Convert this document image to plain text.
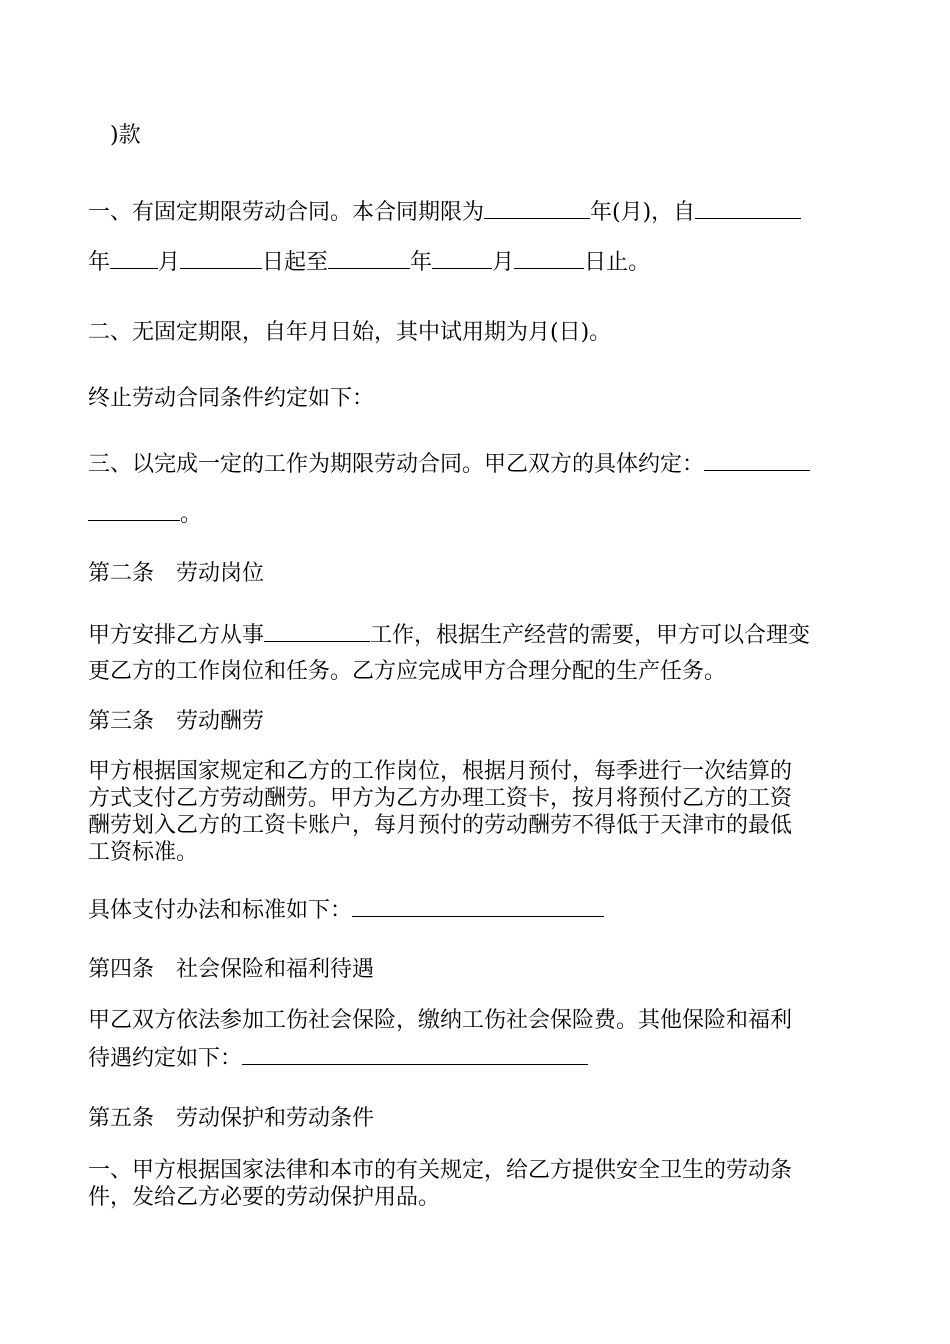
)款
一、有固定期限劳动合同。本合同期限为	年(月)，自
年 月	日起至	年	月	日止。
二、无固定期限，自年月日始，其中试用期为月(日)。
终止劳动合同条件约定如下：
三、以完成一定的工作为期限劳动合同。甲乙双方的具体约定：
。
第二条　劳动岗位
甲方安排乙方从事	工作，根据生产经营的需要，甲方可以合理变
更乙方的工作岗位和任务。乙方应完成甲方合理分配的生产任务。
第三条　劳动酬劳
甲方根据国家规定和乙方的工作岗位，根据月预付，每季进行一次结算的
方式支付乙方劳动酬劳。甲方为乙方办理工资卡，按月将预付乙方的工资
酬劳划入乙方的工资卡账户，每月预付的劳动酬劳不得低于天津市的最低
工资标准。
具体支付办法和标准如下：
第四条　社会保险和福利待遇
甲乙双方依法参加工伤社会保险，缴纳工伤社会保险费。其他保险和福利
待遇约定如下：
第五条　劳动保护和劳动条件
一、甲方根据国家法律和本市的有关规定，给乙方提供安全卫生的劳动条
件，发给乙方必要的劳动保护用品。
